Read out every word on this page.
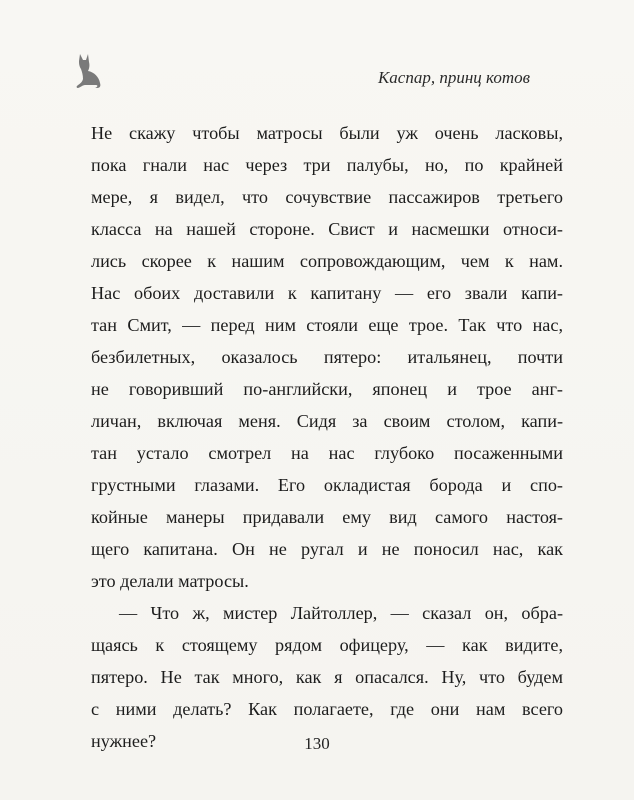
Каспар, принц котов
Не скажу чтобы матросы были уж очень ласковы,
пока гнали нас через три палубы, но, по крайней
мере, я видел, что сочувствие пассажиров третьего
класса на нашей стороне. Свист и насмешки относи-
лись скорее к нашим сопровождающим, чем к нам.
Нас обоих доставили к капитану — его звали капи-
тан Смит, — перед ним стояли еще трое. Так что нас,
безбилетных, оказалось пятеро: итальянец, почти
не говоривший по-английски, японец и трое анг-
личан, включая меня. Сидя за своим столом, капи-
тан устало смотрел на нас глубоко посаженными
грустными глазами. Его окладистая борода и спо-
койные манеры придавали ему вид самого настоя-
щего капитана. Он не ругал и не поносил нас, как
это делали матросы.
— Что ж, мистер Лайтоллер, — сказал он, обра-
щаясь к стоящему рядом офицеру, — как видите,
пятеро. Не так много, как я опасался. Ну, что будем
с ними делать? Как полагаете, где они нам всего
нужнее?	130
